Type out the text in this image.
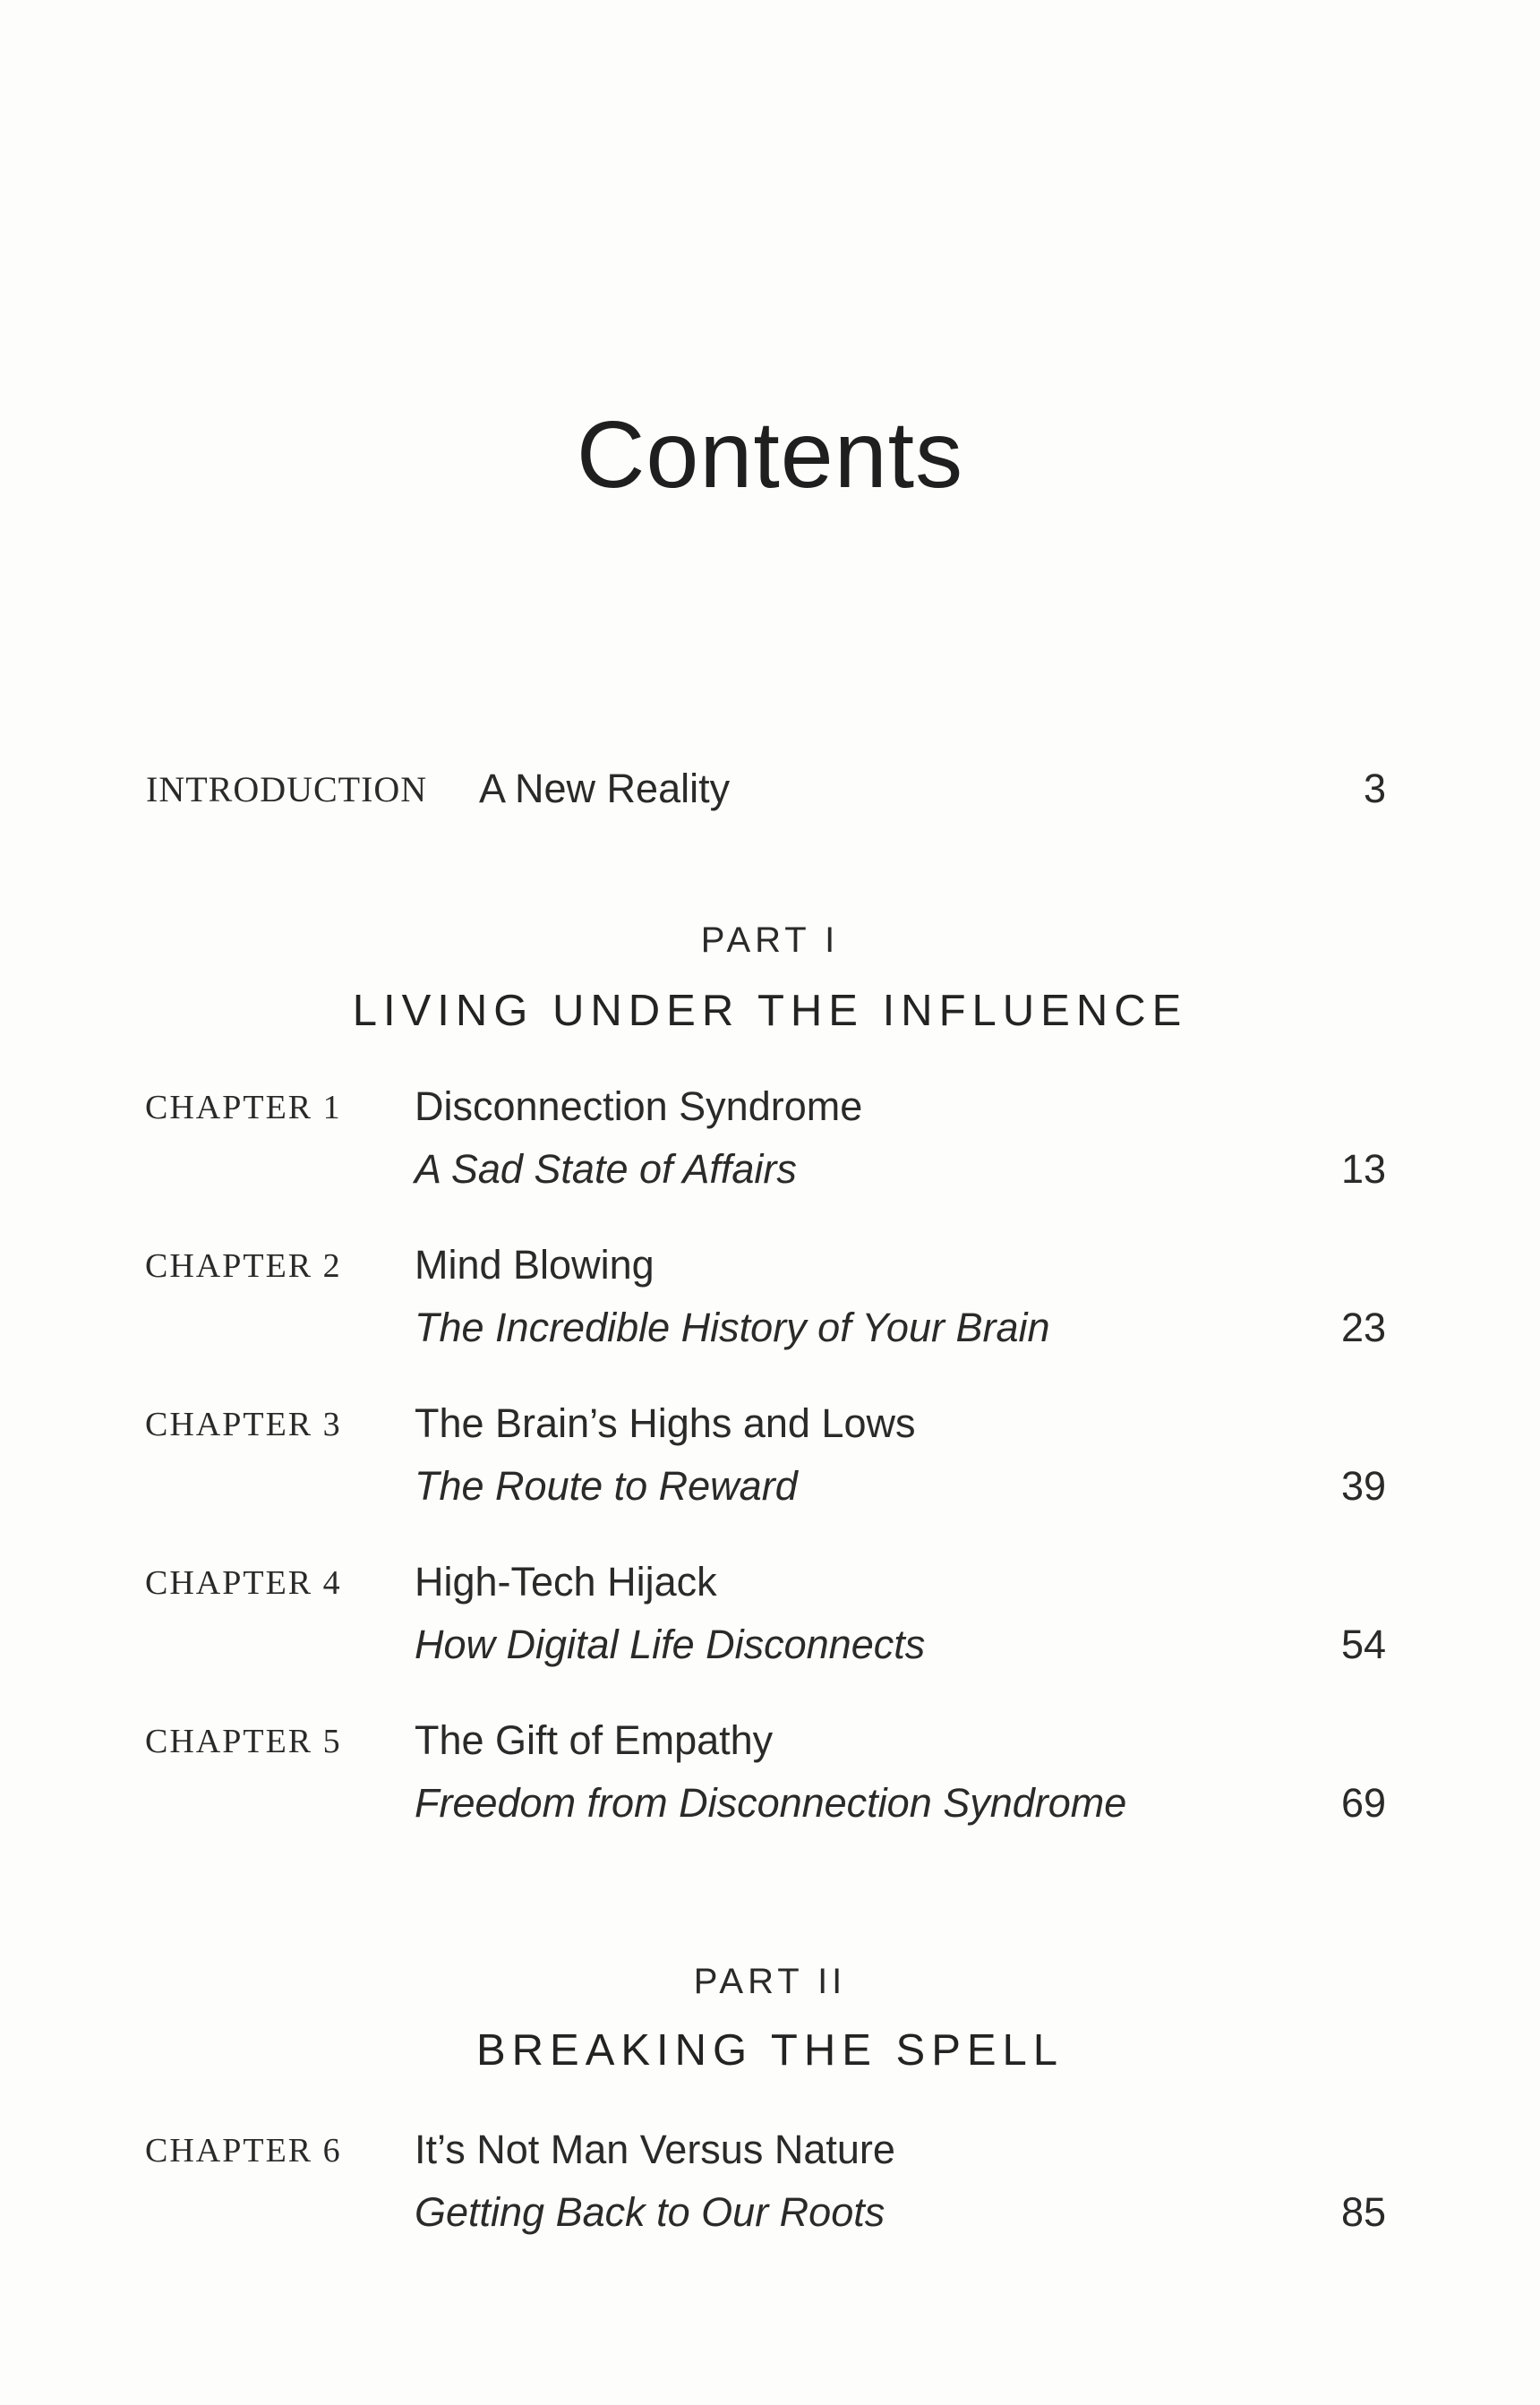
Contents
INTRODUCTION A New Reality	3
PART I
LIVING UNDER THE INFLUENCE
CHAPTER 1 Disconnection Syndrome
A Sad State of Affairs	13
CHAPTER 2 Mind Blowing
The Incredible History of Your Brain	23
CHAPTER 3 The Brain’s Highs and Lows
The Route to Reward	39
CHAPTER 4 High-Tech Hijack
How Digital Life Disconnects	54
CHAPTER 5 The Gift of Empathy
Freedom from Disconnection Syndrome	69
PART II
BREAKING THE SPELL
CHAPTER 6 It’s Not Man Versus Nature
Getting Back to Our Roots	85
